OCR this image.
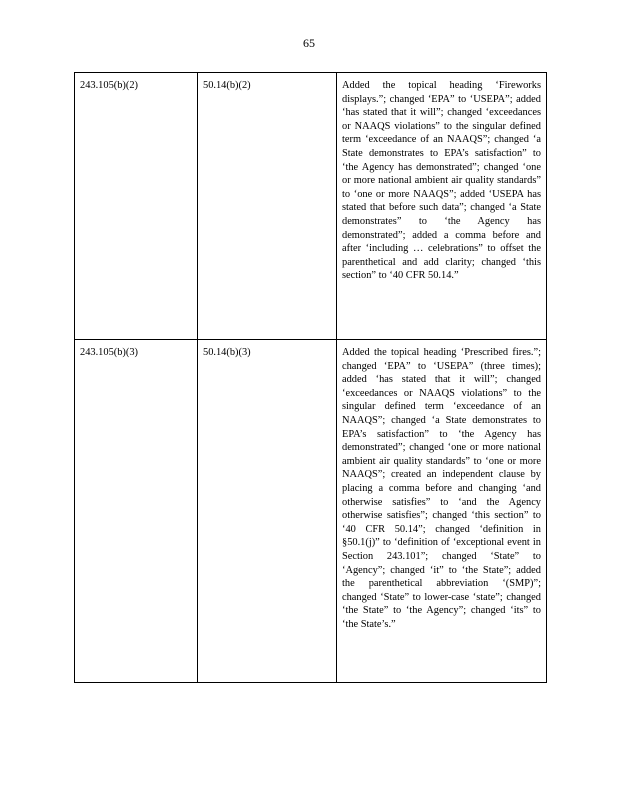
65
243.105(b)(2)	50.14(b)(2)	Added the topical heading ‘Fireworks displays.”; changed ‘EPA” to ‘USEPA”; added ‘has stated that it will”; changed ‘exceedances or NAAQS violations” to the singular defined term ‘exceedance of an NAAQS”; changed ‘a State demonstrates to EPA’s satisfaction” to ‘the Agency has demonstrated”; changed ‘one or more national ambient air quality standards” to ‘one or more NAAQS”; added ‘USEPA has stated that before such data”; changed ‘a State demonstrates” to ‘the Agency has demonstrated”; added a comma before and after ‘including … celebrations” to offset the parenthetical and add clarity; changed ‘this section” to ‘40 CFR 50.14.”
243.105(b)(3)	50.14(b)(3)	Added the topical heading ‘Prescribed fires.”; changed ‘EPA” to ‘USEPA” (three times); added ‘has stated that it will”; changed ‘exceedances or NAAQS violations” to the singular defined term ‘exceedance of an NAAQS”; changed ‘a State demonstrates to EPA’s satisfaction” to ‘the Agency has demonstrated”; changed ‘one or more national ambient air quality standards” to ‘one or more NAAQS”; created an independent clause by placing a comma before and changing ‘and otherwise satisfies” to ‘and the Agency otherwise satisfies”; changed ‘this section” to ‘40 CFR 50.14”; changed ‘definition in §50.1(j)” to ‘definition of ‘exceptional event in Section 243.101”; changed ‘State” to ‘Agency”; changed ‘it” to ‘the State”; added the parenthetical abbreviation ‘(SMP)”; changed ‘State” to lower-case ‘state”; changed ‘the State” to ‘the Agency”; changed ‘its” to ‘the State’s.”
